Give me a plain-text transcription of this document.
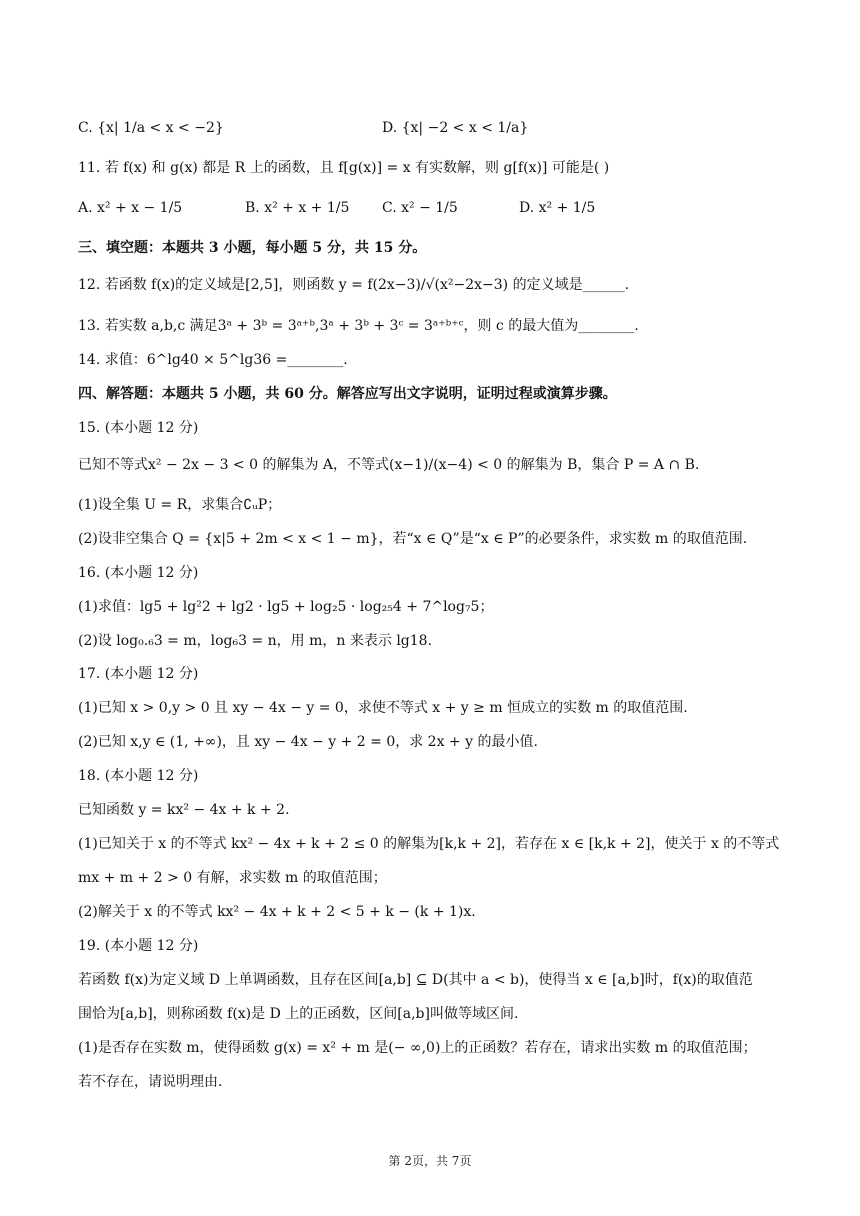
C. {x| 1/a < x < −2}	D. {x| −2 < x < 1/a}
11. 若 f(x) 和 g(x) 都是 R 上的函数，且 f[g(x)] = x 有实数解，则 g[f(x)] 可能是( )
A. x² + x − 1/5	B. x² + x + 1/5 C. x² − 1/5	D. x² + 1/5
三、填空题：本题共 3 小题，每小题 5 分，共 15 分。
12. 若函数 f(x)的定义域是[2,5]，则函数 y = f(2x−3)/√(x²−2x−3) 的定义域是______.
13. 若实数 a,b,c 满足3ᵃ + 3ᵇ = 3ᵃ⁺ᵇ,3ᵃ + 3ᵇ + 3ᶜ = 3ᵃ⁺ᵇ⁺ᶜ，则 c 的最大值为________.
14. 求值：6^lg40 × 5^lg36 =________.
四、解答题：本题共 5 小题，共 60 分。解答应写出文字说明，证明过程或演算步骤。
15. (本小题 12 分)
已知不等式x² − 2x − 3 < 0 的解集为 A，不等式(x−1)/(x−4) < 0 的解集为 B，集合 P = A ∩ B.
(1)设全集 U = R，求集合∁ᵤP；
(2)设非空集合 Q = {x|5 + 2m < x < 1 − m}，若“x ∈ Q”是“x ∈ P”的必要条件，求实数 m 的取值范围.
16. (本小题 12 分)
(1)求值：lg5 + lg²2 + lg2 · lg5 + log₂5 · log₂₅4 + 7^log₇5；
(2)设 log₀.₆3 = m，log₆3 = n，用 m，n 来表示 lg18.
17. (本小题 12 分)
(1)已知 x > 0,y > 0 且 xy − 4x − y = 0，求使不等式 x + y ≥ m 恒成立的实数 m 的取值范围.
(2)已知 x,y ∈ (1, +∞)，且 xy − 4x − y + 2 = 0，求 2x + y 的最小值.
18. (本小题 12 分)
已知函数 y = kx² − 4x + k + 2.
(1)已知关于 x 的不等式 kx² − 4x + k + 2 ≤ 0 的解集为[k,k + 2]，若存在 x ∈ [k,k + 2]，使关于 x 的不等式
mx + m + 2 > 0 有解，求实数 m 的取值范围；
(2)解关于 x 的不等式 kx² − 4x + k + 2 < 5 + k − (k + 1)x.
19. (本小题 12 分)
若函数 f(x)为定义域 D 上单调函数，且存在区间[a,b] ⊆ D(其中 a < b)，使得当 x ∈ [a,b]时，f(x)的取值范
围恰为[a,b]，则称函数 f(x)是 D 上的正函数，区间[a,b]叫做等域区间.
(1)是否存在实数 m，使得函数 g(x) = x² + m 是(− ∞,0)上的正函数？若存在，请求出实数 m 的取值范围；
若不存在，请说明理由.
第 2页，共 7页
